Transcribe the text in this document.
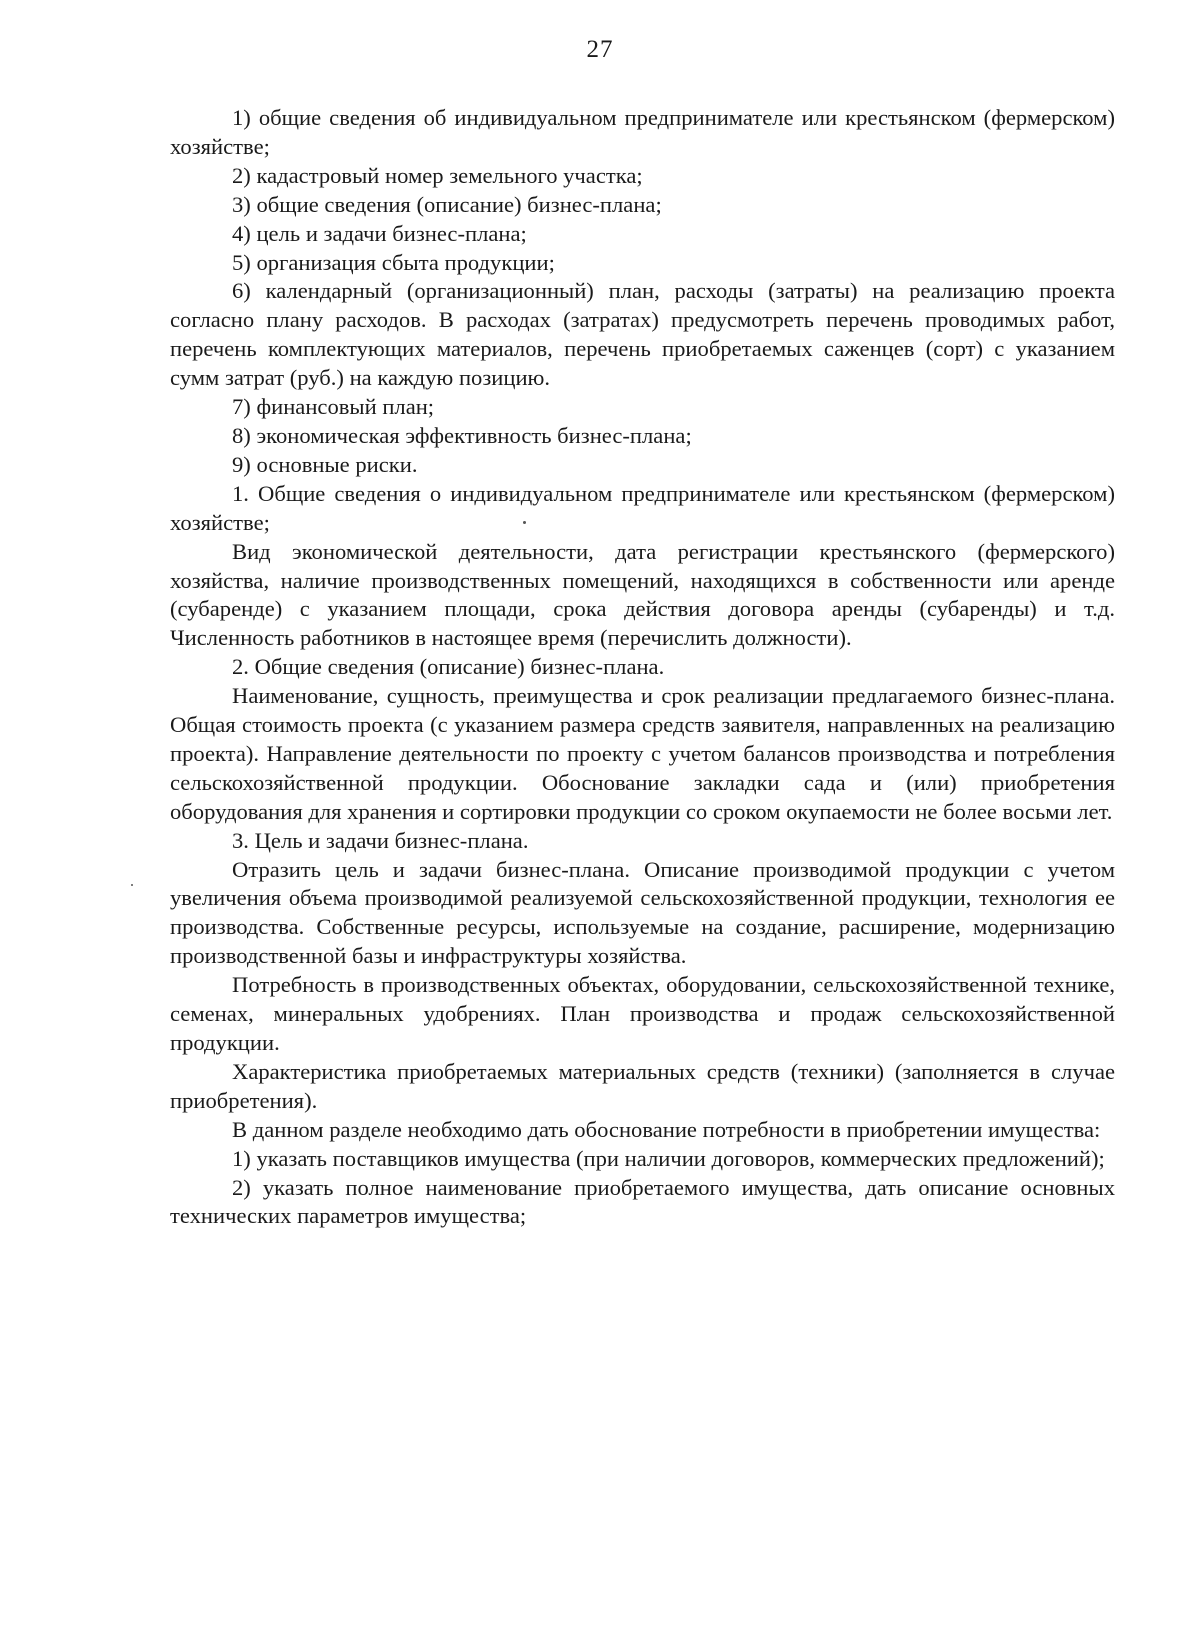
27

1) общие сведения об индивидуальном предпринимателе или крестьянском (фермерском) хозяйстве;

2) кадастровый номер земельного участка;

3) общие сведения (описание) бизнес-плана;

4) цель и задачи бизнес-плана;

5) организация сбыта продукции;

6) календарный (организационный) план, расходы (затраты) на реализацию проекта согласно плану расходов. В расходах (затратах) предусмотреть перечень проводимых работ, перечень комплектующих материалов, перечень приобретаемых саженцев (сорт) с указанием сумм затрат (руб.) на каждую позицию.

7) финансовый план;

8) экономическая эффективность бизнес-плана;

9) основные риски.

1. Общие сведения о индивидуальном предпринимателе или крестьянском (фермерском) хозяйстве;

Вид экономической деятельности, дата регистрации крестьянского (фермерского) хозяйства, наличие производственных помещений, находящихся в собственности или аренде (субаренде) с указанием площади, срока действия договора аренды (субаренды) и т.д. Численность работников в настоящее время (перечислить должности).

2. Общие сведения (описание) бизнес-плана.

Наименование, сущность, преимущества и срок реализации предлагаемого бизнес-плана. Общая стоимость проекта (с указанием размера средств заявителя, направленных на реализацию проекта). Направление деятельности по проекту с учетом балансов производства и потребления сельскохозяйственной продукции. Обоснование закладки сада и (или) приобретения оборудования для хранения и сортировки продукции со сроком окупаемости не более восьми лет.

3. Цель и задачи бизнес-плана.

Отразить цель и задачи бизнес-плана. Описание производимой продукции с учетом увеличения объема производимой реализуемой сельскохозяйственной продукции, технология ее производства. Собственные ресурсы, используемые на создание, расширение, модернизацию производственной базы и инфраструктуры хозяйства.

Потребность в производственных объектах, оборудовании, сельскохозяйственной технике, семенах, минеральных удобрениях. План производства и продаж сельскохозяйственной продукции.

Характеристика приобретаемых материальных средств (техники) (заполняется в случае приобретения).

В данном разделе необходимо дать обоснование потребности в приобретении имущества:

1) указать поставщиков имущества (при наличии договоров, коммерческих предложений);

2) указать полное наименование приобретаемого имущества, дать описание основных технических параметров имущества;
